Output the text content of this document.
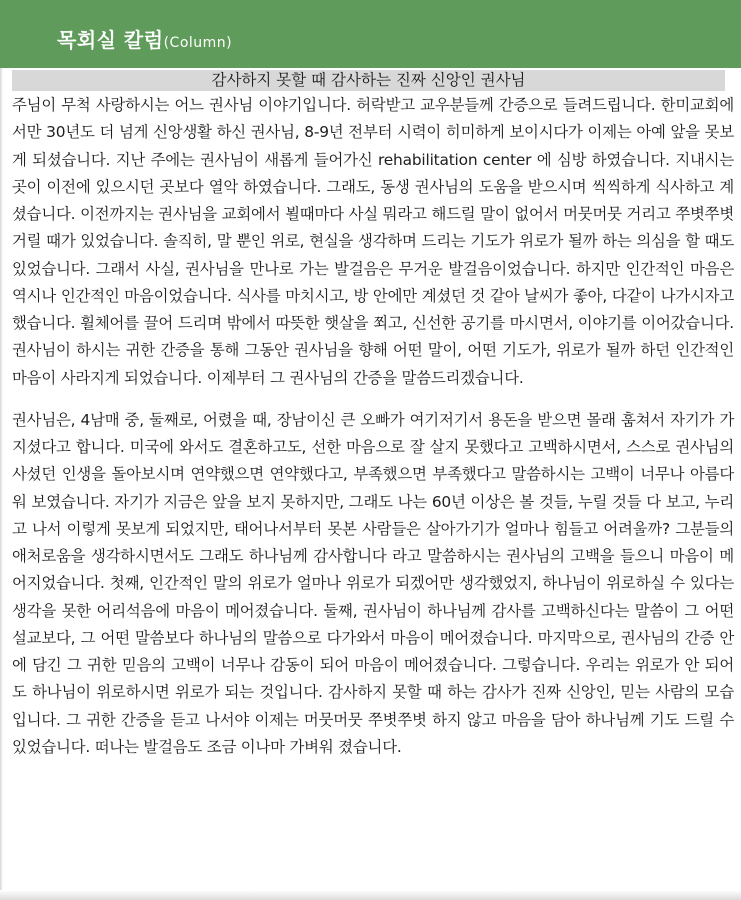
목회실 칼럼(Column)
감사하지 못할 때 감사하는 진짜 신앙인 권사님

주님이 무척 사랑하시는 어느 권사님 이야기입니다. 허락받고 교우분들께 간증으로 들려드립니다. 한미교회에서만 30년도 더 넘게 신앙생활 하신 권사님, 8-9년 전부터 시력이 히미하게 보이시다가 이제는 아예 앞을 못보게 되셨습니다. 지난 주에는 권사님이 새롭게 들어가신 rehabilitation center 에 심방 하였습니다. 지내시는 곳이 이전에 있으시던 곳보다 열악 하였습니다. 그래도, 동생 권사님의 도움을 받으시며 씩씩하게 식사하고 계셨습니다. 이전까지는 권사님을 교회에서 뵐때마다 사실 뭐라고 해드릴 말이 없어서 머뭇머뭇 거리고 쭈볏쭈볏 거릴 때가 있었습니다. 솔직히, 말 뿐인 위로, 현실을 생각하며 드리는 기도가 위로가 될까 하는 의심을 할 때도 있었습니다. 그래서 사실, 권사님을 만나로 가는 발걸음은 무거운 발걸음이었습니다. 하지만 인간적인 마음은 역시나 인간적인 마음이었습니다. 식사를 마치시고, 방 안에만 계셨던 것 같아 날씨가 좋아, 다같이 나가시자고 했습니다. 휠체어를 끌어 드리며 밖에서 따뜻한 햇살을 쬐고, 신선한 공기를 마시면서, 이야기를 이어갔습니다. 권사님이 하시는 귀한 간증을 통해 그동안 권사님을 향해 어떤 말이, 어떤 기도가, 위로가 될까 하던 인간적인 마음이 사라지게 되었습니다. 이제부터 그 권사님의 간증을 말씀드리겠습니다.

권사님은, 4남매 중, 둘째로, 어렸을 때, 장남이신 큰 오빠가 여기저기서 용돈을 받으면 몰래 훔쳐서 자기가 가지셨다고 합니다. 미국에 와서도 결혼하고도, 선한 마음으로 잘 살지 못했다고 고백하시면서, 스스로 권사님의 사셨던 인생을 돌아보시며 연약했으면 연약했다고, 부족했으면 부족했다고 말씀하시는 고백이 너무나 아름다워 보였습니다. 자기가 지금은 앞을 보지 못하지만, 그래도 나는 60년 이상은 볼 것들, 누릴 것들 다 보고, 누리고 나서 이렇게 못보게 되었지만, 태어나서부터 못본 사람들은 살아가기가 얼마나 힘들고 어려울까? 그분들의 애처로움을 생각하시면서도 그래도 하나님께 감사합니다 라고 말씀하시는 권사님의 고백을 들으니 마음이 메어지었습니다. 첫째, 인간적인 말의 위로가 얼마나 위로가 되겠어만 생각했었지, 하나님이 위로하실 수 있다는 생각을 못한 어리석음에 마음이 메어졌습니다. 둘째, 권사님이 하나님께 감사를 고백하신다는 말씀이 그 어떤 설교보다, 그 어떤 말씀보다 하나님의 말씀으로 다가와서 마음이 메어졌습니다. 마지막으로, 권사님의 간증 안에 담긴 그 귀한 믿음의 고백이 너무나 감동이 되어 마음이 메어졌습니다. 그렇습니다. 우리는 위로가 안 되어도 하나님이 위로하시면 위로가 되는 것입니다. 감사하지 못할 때 하는 감사가 진짜 신앙인, 믿는 사람의 모습입니다. 그 귀한 간증을 듣고 나서야 이제는 머뭇머뭇 쭈볏쭈볏 하지 않고 마음을 담아 하나님께 기도 드릴 수 있었습니다. 떠나는 발걸음도 조금 이나마 가벼워 졌습니다.
